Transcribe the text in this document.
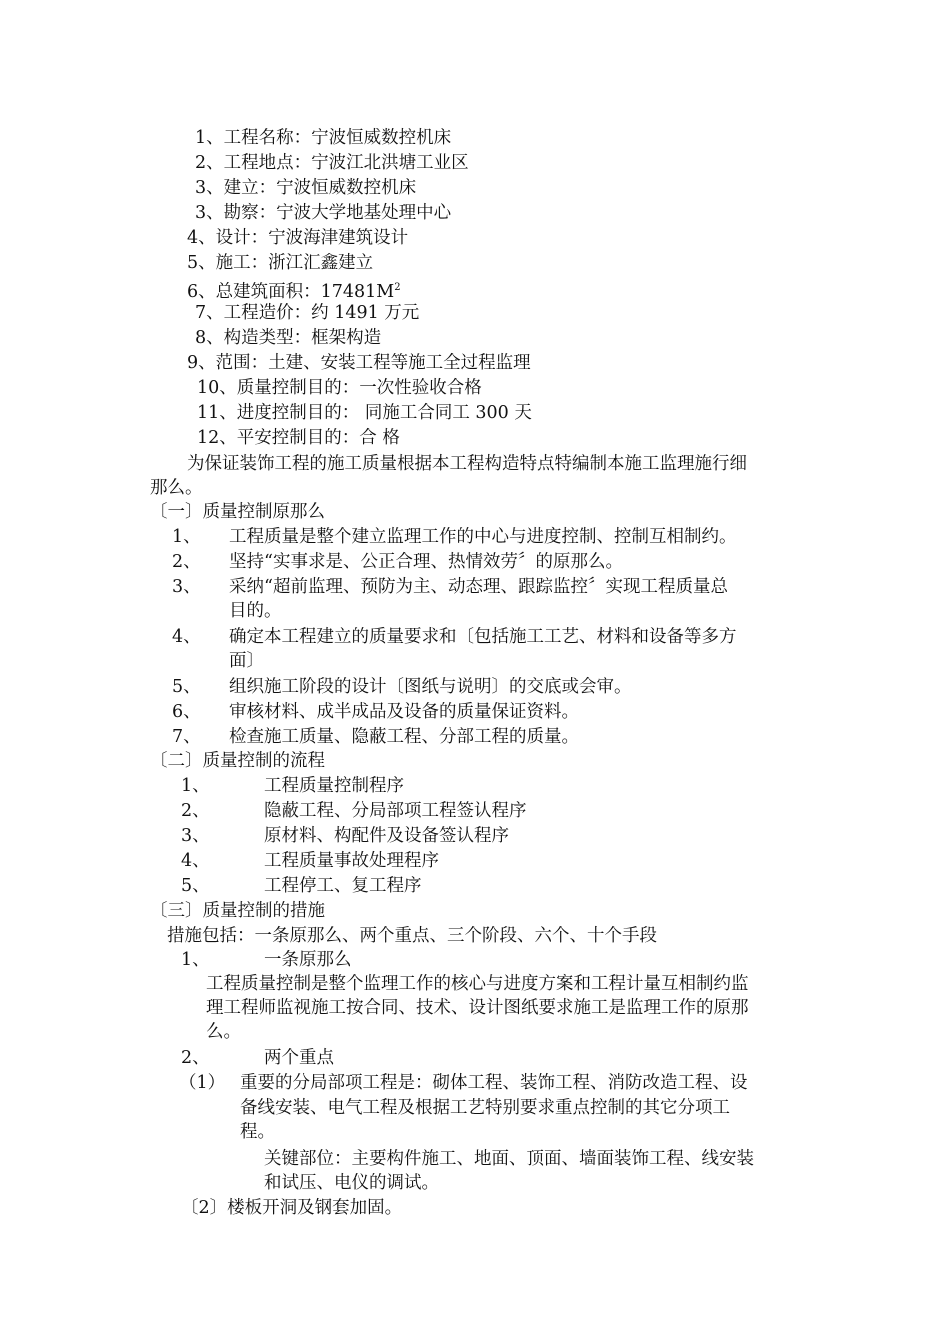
1、工程名称：宁波恒威数控机床
2、工程地点：宁波江北洪塘工业区
3、建立：宁波恒威数控机床
3、勘察：宁波大学地基处理中心
4、设计：宁波海津建筑设计
5、施工：浙江汇鑫建立
6、总建筑面积：$17481M^2$
7、工程造价：约 1491 万元
8、构造类型：框架构造
9、范围：土建、安装工程等施工全过程监理
10、质量控制目的：一次性验收合格
11、进度控制目的： 同施工合同工 300 天
12、平安控制目的：合 格
为保证装饰工程的施工质量根据本工程构造特点特编制本施工监理施行细
那么。
〔一〕质量控制原那么
1、 工程质量是整个建立监理工作的中心与进度控制、控制互相制约。
2、 坚持“实事求是、公正合理、热情效劳〞的原那么。
3、 采纳“超前监理、预防为主、动态理、跟踪监控〞实现工程质量总
目的。
4、 确定本工程建立的质量要求和〔包括施工工艺、材料和设备等多方
面〕
5、 组织施工阶段的设计〔图纸与说明〕的交底或会审。
6、 审核材料、成半成品及设备的质量保证资料。
7、 检查施工质量、隐蔽工程、分部工程的质量。
〔二〕质量控制的流程
1、	工程质量控制程序
2、	隐蔽工程、分局部项工程签认程序
3、	原材料、构配件及设备签认程序
4、	工程质量事故处理程序
5、	工程停工、复工程序
〔三〕质量控制的措施
措施包括：一条原那么、两个重点、三个阶段、六个、十个手段
1、	一条原那么
工程质量控制是整个监理工作的核心与进度方案和工程计量互相制约监
理工程师监视施工按合同、技术、设计图纸要求施工是监理工作的原那
么。
2、	两个重点
（1） 重要的分局部项工程是：砌体工程、装饰工程、消防改造工程、设
备线安装、电气工程及根据工艺特别要求重点控制的其它分项工
程。
关键部位：主要构件施工、地面、顶面、墙面装饰工程、线安装
和试压、电仪的调试。
〔2〕楼板开洞及钢套加固。
